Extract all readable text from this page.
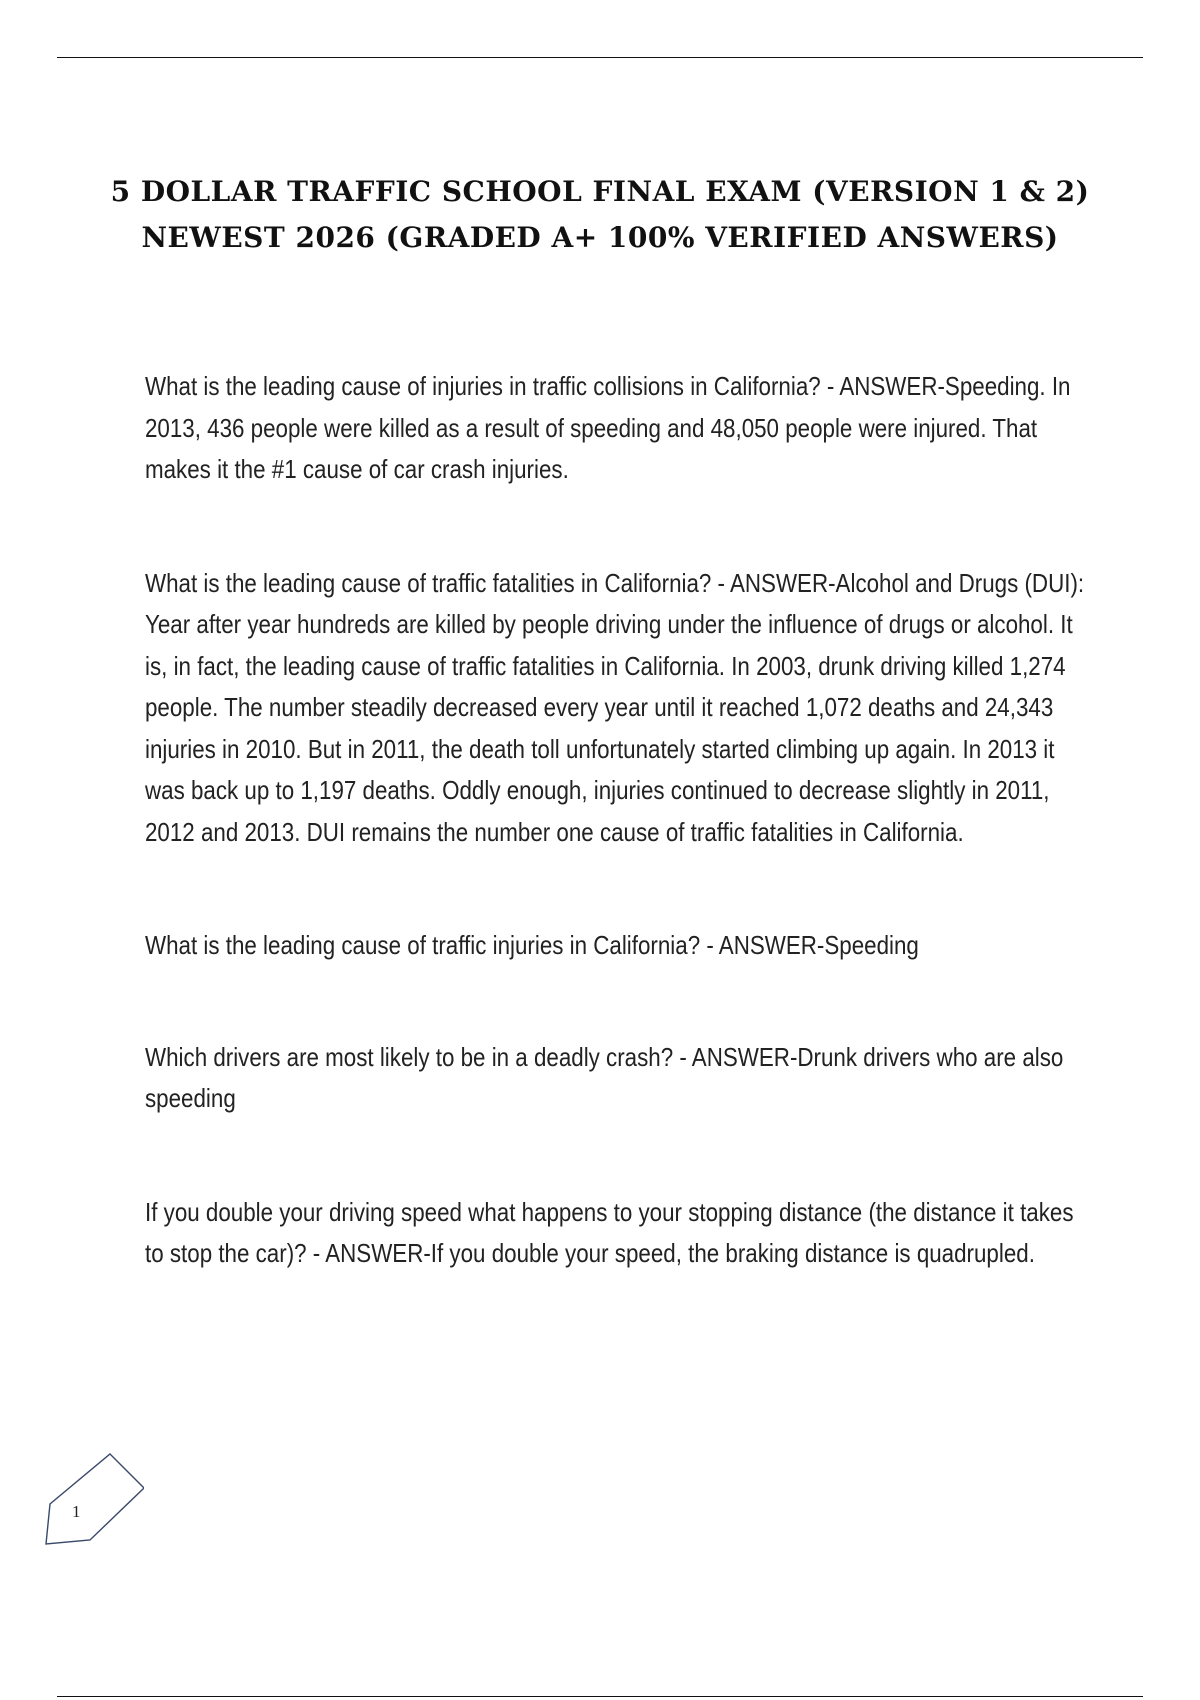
5 DOLLAR TRAFFIC SCHOOL FINAL EXAM (VERSION 1 & 2)
NEWEST 2026 (GRADED A+ 100% VERIFIED ANSWERS)

What is the leading cause of injuries in traffic collisions in California? - ANSWER-Speeding. In 2013, 436 people were killed as a result of speeding and 48,050 people were injured. That makes it the #1 cause of car crash injuries.

What is the leading cause of traffic fatalities in California? - ANSWER-Alcohol and Drugs (DUI): Year after year hundreds are killed by people driving under the influence of drugs or alcohol. It is, in fact, the leading cause of traffic fatalities in California. In 2003, drunk driving killed 1,274 people. The number steadily decreased every year until it reached 1,072 deaths and 24,343 injuries in 2010. But in 2011, the death toll unfortunately started climbing up again. In 2013 it was back up to 1,197 deaths. Oddly enough, injuries continued to decrease slightly in 2011, 2012 and 2013. DUI remains the number one cause of traffic fatalities in California.

What is the leading cause of traffic injuries in California? - ANSWER-Speeding

Which drivers are most likely to be in a deadly crash? - ANSWER-Drunk drivers who are also speeding

If you double your driving speed what happens to your stopping distance (the distance it takes to stop the car)? - ANSWER-If you double your speed, the braking distance is quadrupled.

1
